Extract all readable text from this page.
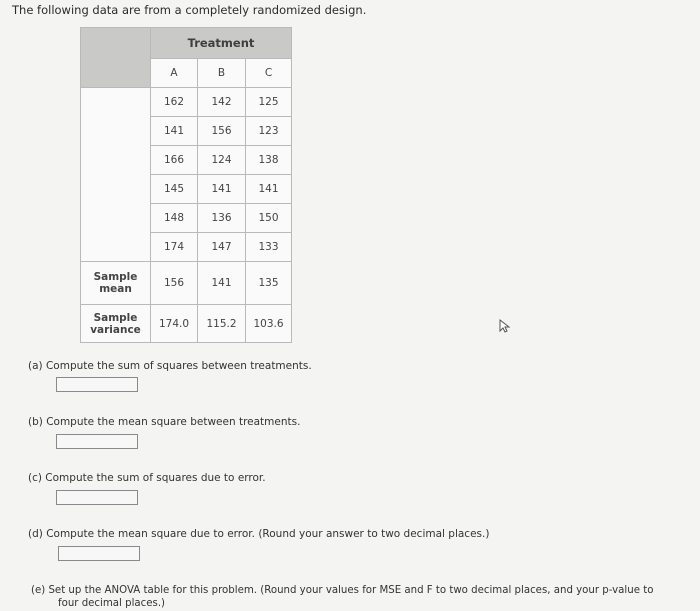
The following data are from a completely randomized design.
	Treatment		
	A	B	C
	162	142	125
	141	156	123
	166	124	138
	145	141	141
	148	136	150
	174	147	133

Sample
mean	156	141	135

Sample
variance	174.0	115.2	103.6
(a) Compute the sum of squares between treatments.
(b) Compute the mean square between treatments.
(c) Compute the sum of squares due to error.
(d) Compute the mean square due to error. (Round your answer to two decimal places.)
(e) Set up the ANOVA table for this problem. (Round your values for MSE and F to two decimal places, and your p-value to
four decimal places.)
